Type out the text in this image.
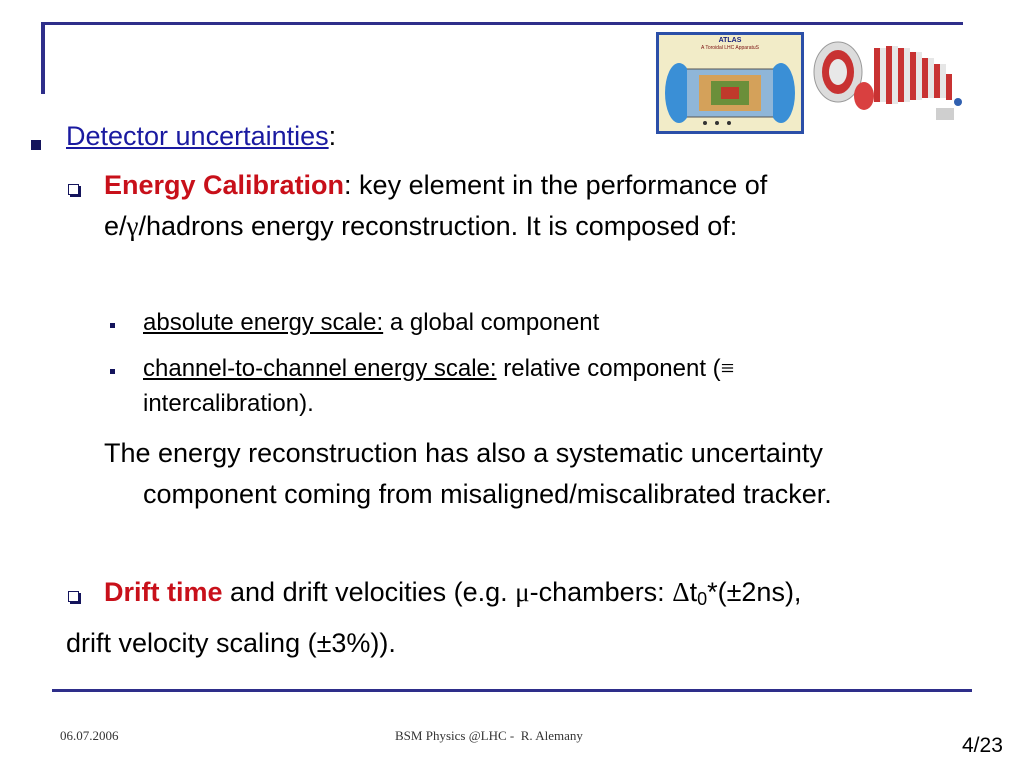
ATLAS
A Toroidal LHC ApparatuS
Detector uncertainties:
Energy Calibration: key element in the performance of
e/γ/hadrons energy reconstruction. It is composed of:
absolute energy scale: a global component
channel-to-channel energy scale: relative component (≡
intercalibration).
The energy reconstruction has also a systematic uncertainty
component coming from misaligned/miscalibrated tracker.
Drift time and drift velocities (e.g. μ-chambers: $\Delta t_0*(\pm 2ns)$,
drift velocity scaling (±3%)).
06.07.2006	BSM Physics @LHC -  R. Alemany	4/23
